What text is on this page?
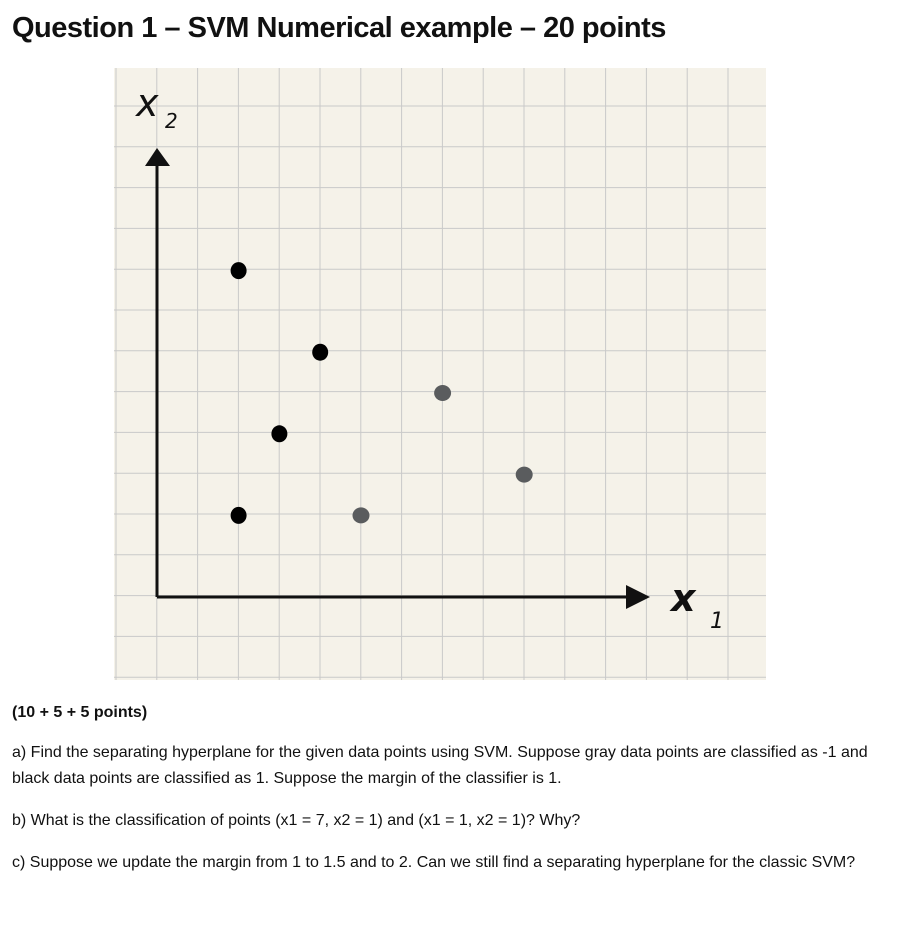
Question 1 – SVM Numerical example – 20 points
x 2
x
1

(10 + 5 + 5 points)

a) Find the separating hyperplane for the given data points using SVM. Suppose gray data points are classified as -1 and black data points are classified as 1. Suppose the margin of the classifier is 1.

b) What is the classification of points (x1 = 7, x2 = 1) and (x1 = 1, x2 = 1)? Why?

c) Suppose we update the margin from 1 to 1.5 and to 2. Can we still find a separating hyperplane for the classic SVM?
